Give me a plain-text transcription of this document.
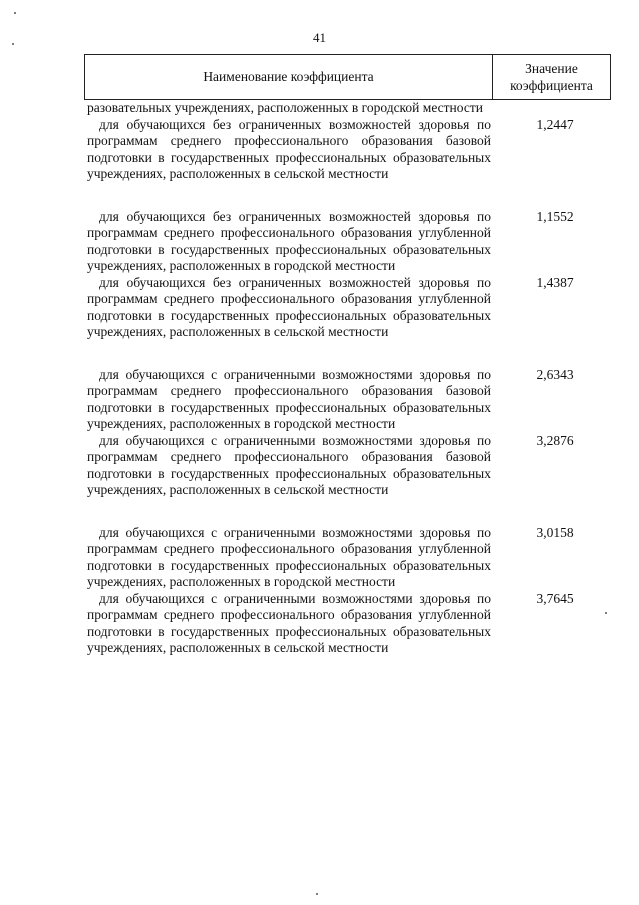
41
Наименование коэффициента
Значение
коэффициента
разовательных учреждениях, расположенных в городской местности
для обучающихся без ограниченных возможностей здоровья по программам среднего профессионального образования базовой подготовки в государственных профессиональных образовательных учреждениях, расположенных в сельской местности
1,2447
для обучающихся без ограниченных возможностей здоровья по программам среднего профессионального образования углубленной подготовки в государственных профессиональных образовательных учреждениях, расположенных в городской местности
1,1552
для обучающихся без ограниченных возможностей здоровья по программам среднего профессионального образования углубленной подготовки в государственных профессиональных образовательных учреждениях, расположенных в сельской местности
1,4387
для обучающихся с ограниченными возможностями здоровья по программам среднего профессионального образования базовой подготовки в государственных профессиональных образовательных учреждениях, расположенных в городской местности
2,6343
для обучающихся с ограниченными возможностями здоровья по программам среднего профессионального образования базовой подготовки в государственных профессиональных образовательных учреждениях, расположенных в сельской местности
3,2876
для обучающихся с ограниченными возможностями здоровья по программам среднего профессионального образования углубленной подготовки в государственных профессиональных образовательных учреждениях, расположенных в городской местности
3,0158
для обучающихся с ограниченными возможностями здоровья по программам среднего профессионального образования углубленной подготовки в государственных профессиональных образовательных учреждениях, расположенных в сельской местности
3,7645
